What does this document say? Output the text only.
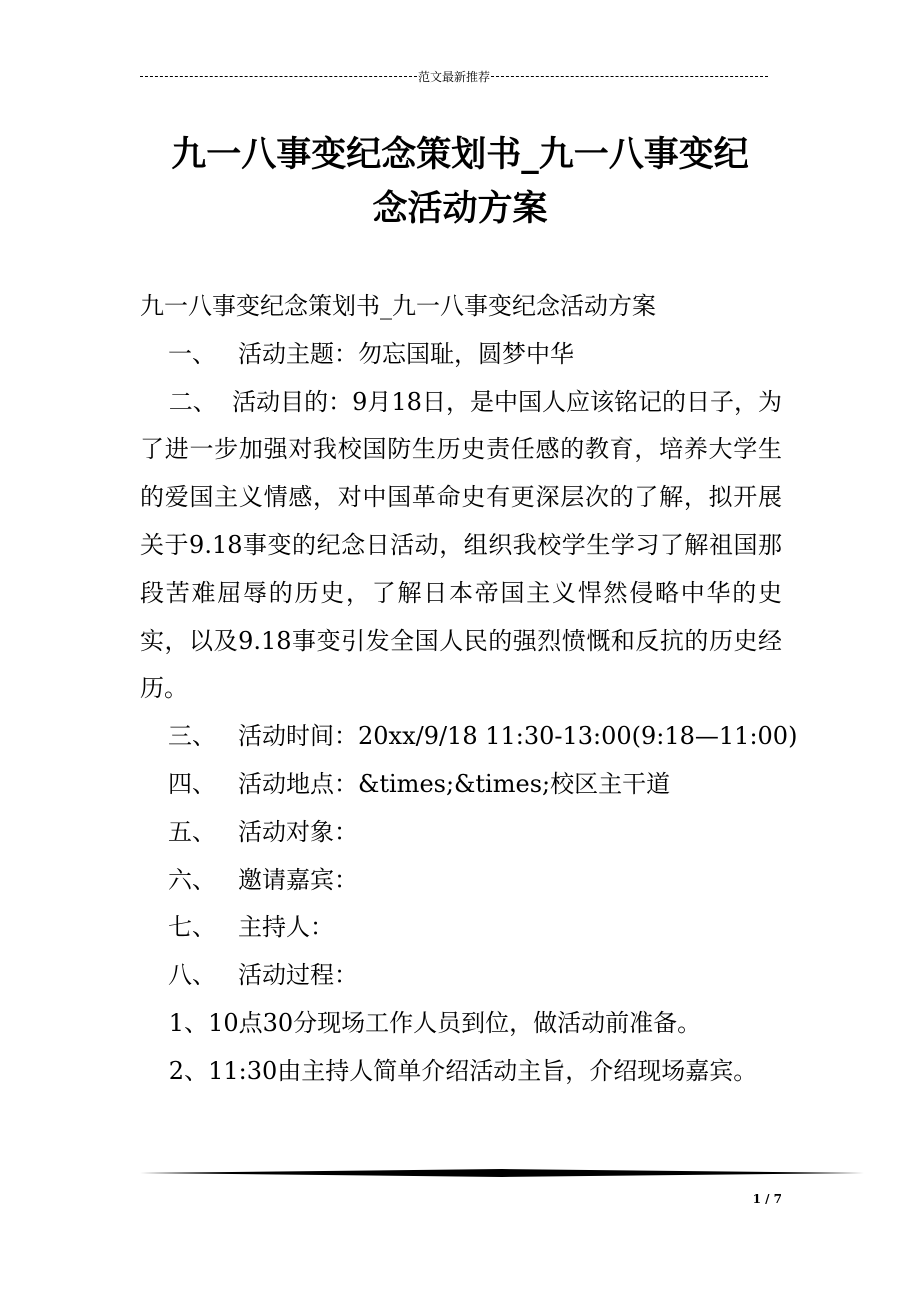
范文最新推荐
九一八事变纪念策划书_九一八事变纪
念活动方案

九一八事变纪念策划书_九一八事变纪念活动方案

一、 活动主题：勿忘国耻，圆梦中华

二、 活动目的：9月18日，是中国人应该铭记的日子，为了进一步加强对我校国防生历史责任感的教育，培养大学生的爱国主义情感，对中国革命史有更深层次的了解，拟开展关于9.18事变的纪念日活动，组织我校学生学习了解祖国那段苦难屈辱的历史，了解日本帝国主义悍然侵略中华的史实，以及9.18事变引发全国人民的强烈愤慨和反抗的历史经历。

三、 活动时间：20xx/9/18 11:30-13:00(9:18—11:00)

四、 活动地点：&times;&times;校区主干道

五、 活动对象：

六、 邀请嘉宾：

七、 主持人：

八、 活动过程：

1、10点30分现场工作人员到位，做活动前准备。

2、11:30由主持人简单介绍活动主旨，介绍现场嘉宾。

1 / 7
